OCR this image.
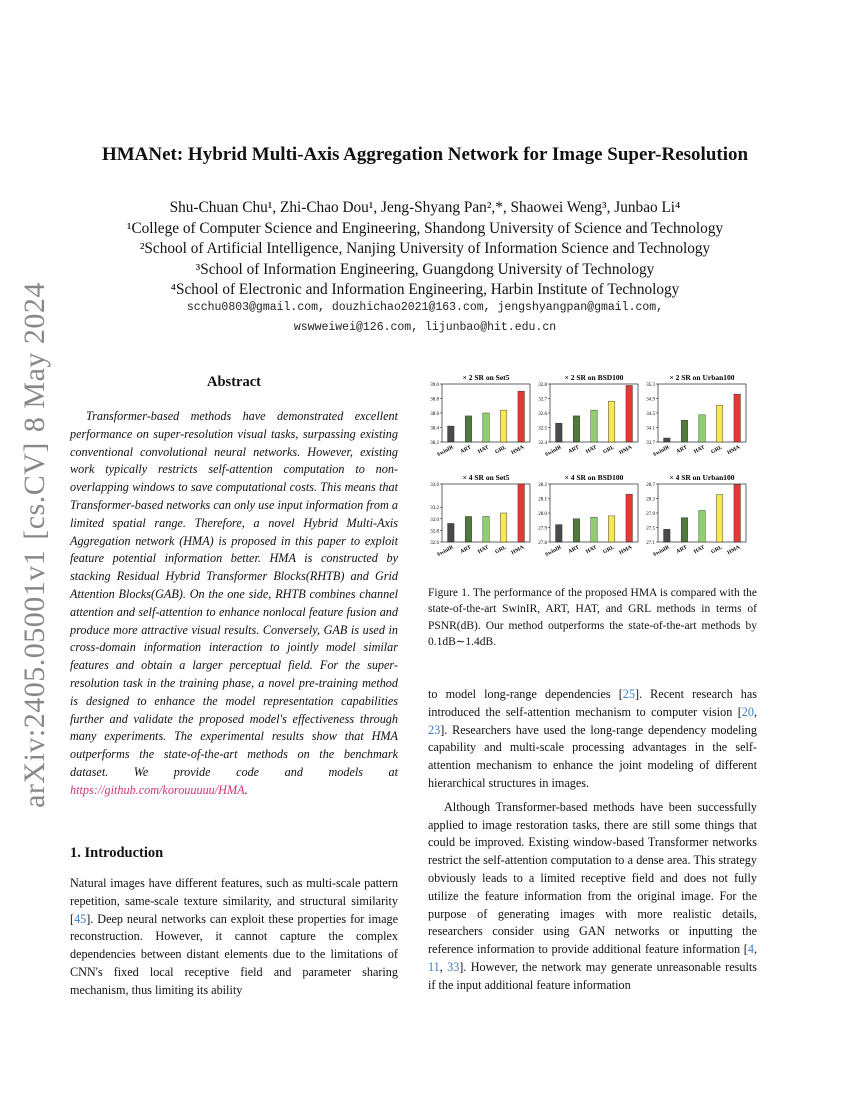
arXiv:2405.05001v1[cs.CV]8 May 2024
HMANet: Hybrid Multi-Axis Aggregation Network for Image Super-Resolution
Shu-Chuan Chu¹, Zhi-Chao Dou¹, Jeng-Shyang Pan²,*, Shaowei Weng³, Junbao Li⁴
¹College of Computer Science and Engineering, Shandong University of Science and Technology
²School of Artificial Intelligence, Nanjing University of Information Science and Technology
³School of Information Engineering, Guangdong University of Technology
⁴School of Electronic and Information Engineering, Harbin Institute of Technology
scchu0803@gmail.com, douzhichao2021@163.com, jengshyangpan@gmail.com,
wswweiwei@126.com, lijunbao@hit.edu.cn
Abstract

Transformer-based methods have demonstrated excellent performance on super-resolution visual tasks, surpassing existing conventional convolutional neural networks. However, existing work typically restricts self-attention computation to non-overlapping windows to save computational costs. This means that Transformer-based networks can only use input information from a limited spatial range. Therefore, a novel Hybrid Multi-Axis Aggregation network (HMA) is proposed in this paper to exploit feature potential information better. HMA is constructed by stacking Residual Hybrid Transformer Blocks(RHTB) and Grid Attention Blocks(GAB). On the one side, RHTB combines channel attention and self-attention to enhance nonlocal feature fusion and produce more attractive visual results. Conversely, GAB is used in cross-domain information interaction to jointly model similar features and obtain a larger perceptual field. For the super-resolution task in the training phase, a novel pre-training method is designed to enhance the model representation capabilities further and validate the proposed model's effectiveness through many experiments. The experimental results show that HMA outperforms the state-of-the-art methods on the benchmark dataset. We provide code and models at https://github.com/korouuuuu/HMA.

1. Introduction

Natural images have different features, such as multi-scale pattern repetition, same-scale texture similarity, and structural similarity [45]. Deep neural networks can exploit these properties for image reconstruction. However, it cannot capture the complex dependencies between distant elements due to the limitations of CNN's fixed local receptive field and parameter sharing mechanism, thus limiting its ability

× 2 SR on Set5
38.2
38.4
38.6
38.8
39.0
SwinIR ART HAT GRL HMA
× 2 SR on BSD100
32.4
32.5
32.6
32.7
32.8
SwinIR ART HAT GRL HMA
× 2 SR on Urban100
33.7
34.1
34.5
34.9
35.3
SwinIR ART HAT GRL HMA
× 4 SR on Set5
32.6
32.8
33.0
33.2
33.6
SwinIR ART HAT GRL HMA
× 4 SR on BSD100
27.8
27.9
28.0
28.1
28.2
SwinIR ART HAT GRL HMA
× 4 SR on Urban100
27.1
27.5
27.9
28.3
28.7
SwinIR ART HAT GRL HMA
Figure 1. The performance of the proposed HMA is compared with the state-of-the-art SwinIR, ART, HAT, and GRL methods in terms of PSNR(dB). Our method outperforms the state-of-the-art methods by 0.1dB∼1.4dB.

to model long-range dependencies [25]. Recent research has introduced the self-attention mechanism to computer vision [20, 23]. Researchers have used the long-range dependency modeling capability and multi-scale processing advantages in the self-attention mechanism to enhance the joint modeling of different hierarchical structures in images.

Although Transformer-based methods have been successfully applied to image restoration tasks, there are still some things that could be improved. Existing window-based Transformer networks restrict the self-attention computation to a dense area. This strategy obviously leads to a limited receptive field and does not fully utilize the feature information from the original image. For the purpose of generating images with more realistic details, researchers consider using GAN networks or inputting the reference information to provide additional feature information [4, 11, 33]. However, the network may generate unreasonable results if the input additional feature information
